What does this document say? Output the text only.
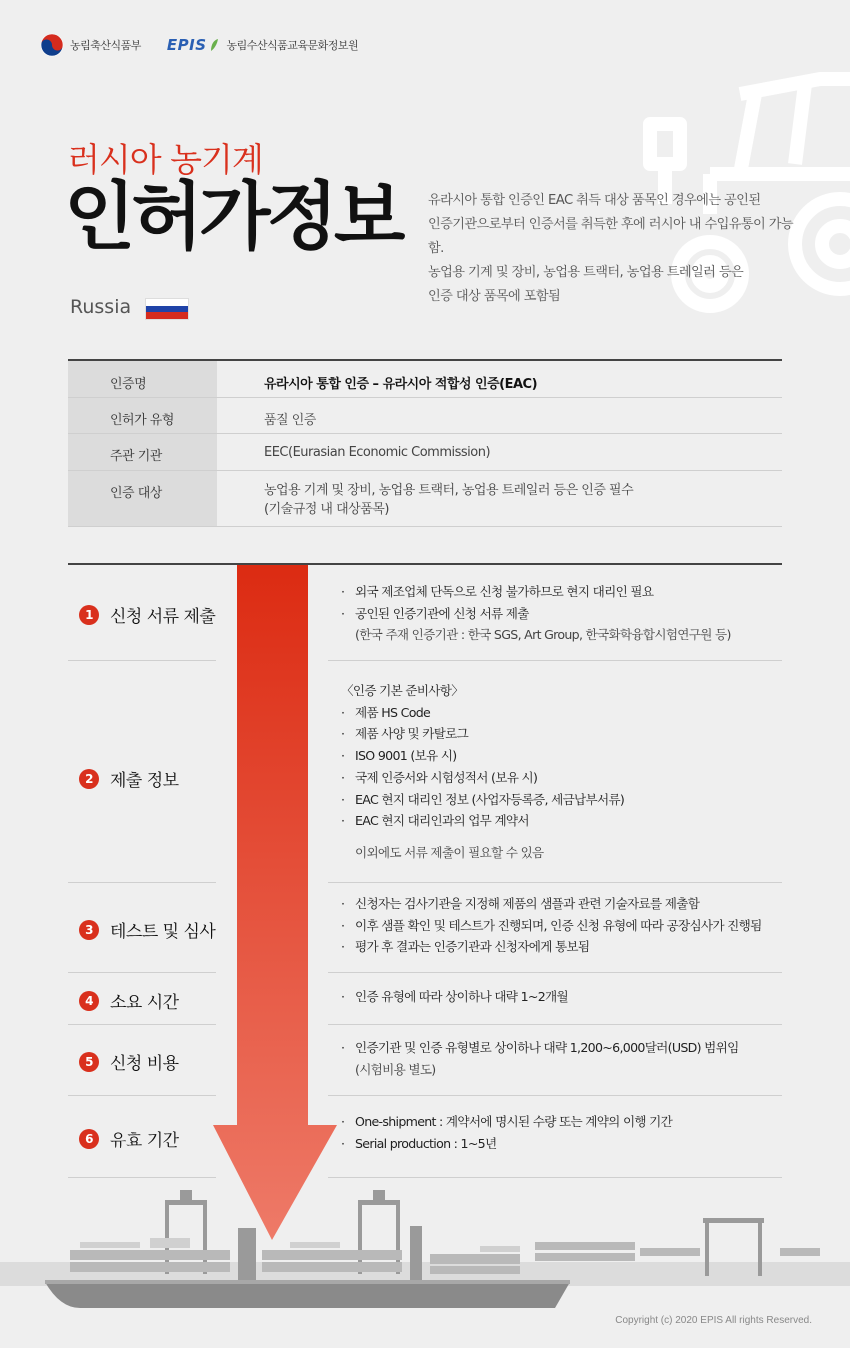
농림축산식품부 EPIS 농림수산식품교육문화정보원
러시아 농기계
인허가정보 유라시아 통합 인증인 EAC 취득 대상 품목인 경우에는 공인된
인증기관으로부터 인증서를 취득한 후에 러시아 내 수입유통이 가능함.
농업용 기계 및 장비, 농업용 트랙터, 농업용 트레일러 등은
인증 대상 품목에 포함됨
Russia
인증명	유라시아 통합 인증 – 유라시아 적합성 인증(EAC)
인허가 유형	품질 인증
주관 기관	EEC(Eurasian Economic Commission)
인증 대상	농업용 기계 및 장비, 농업용 트랙터, 농업용 트레일러 등은 인증 필수
(기술규정 내 대상품목)
1	신청 서류 제출
· 외국 제조업체 단독으로 신청 불가하므로 현지 대리인 필요
· 공인된 인증기관에 신청 서류 제출
(한국 주재 인증기관 : 한국 SGS, Art Group, 한국화학융합시험연구원 등)
2	제출 정보
〈인증 기본 준비사항〉
· 제품 HS Code
· 제품 사양 및 카탈로그
· ISO 9001 (보유 시)
· 국제 인증서와 시험성적서 (보유 시)
· EAC 현지 대리인 정보 (사업자등록증, 세금납부서류)
· EAC 현지 대리인과의 업무 계약서
이외에도 서류 제출이 필요할 수 있음
3	테스트 및 심사
· 신청자는 검사기관을 지정해 제품의 샘플과 관련 기술자료를 제출함
· 이후 샘플 확인 및 테스트가 진행되며, 인증 신청 유형에 따라 공장심사가 진행됨
· 평가 후 결과는 인증기관과 신청자에게 통보됨
4	소요 시간	· 인증 유형에 따라 상이하나 대략 1~2개월
5	신청 비용
· 인증기관 및 인증 유형별로 상이하나 대략 1,200~6,000달러(USD) 범위임
(시험비용 별도)
6	유효 기간
· One-shipment : 계약서에 명시된 수량 또는 계약의 이행 기간
· Serial production : 1~5년
Copyright (c) 2020 EPIS All rights Reserved.
